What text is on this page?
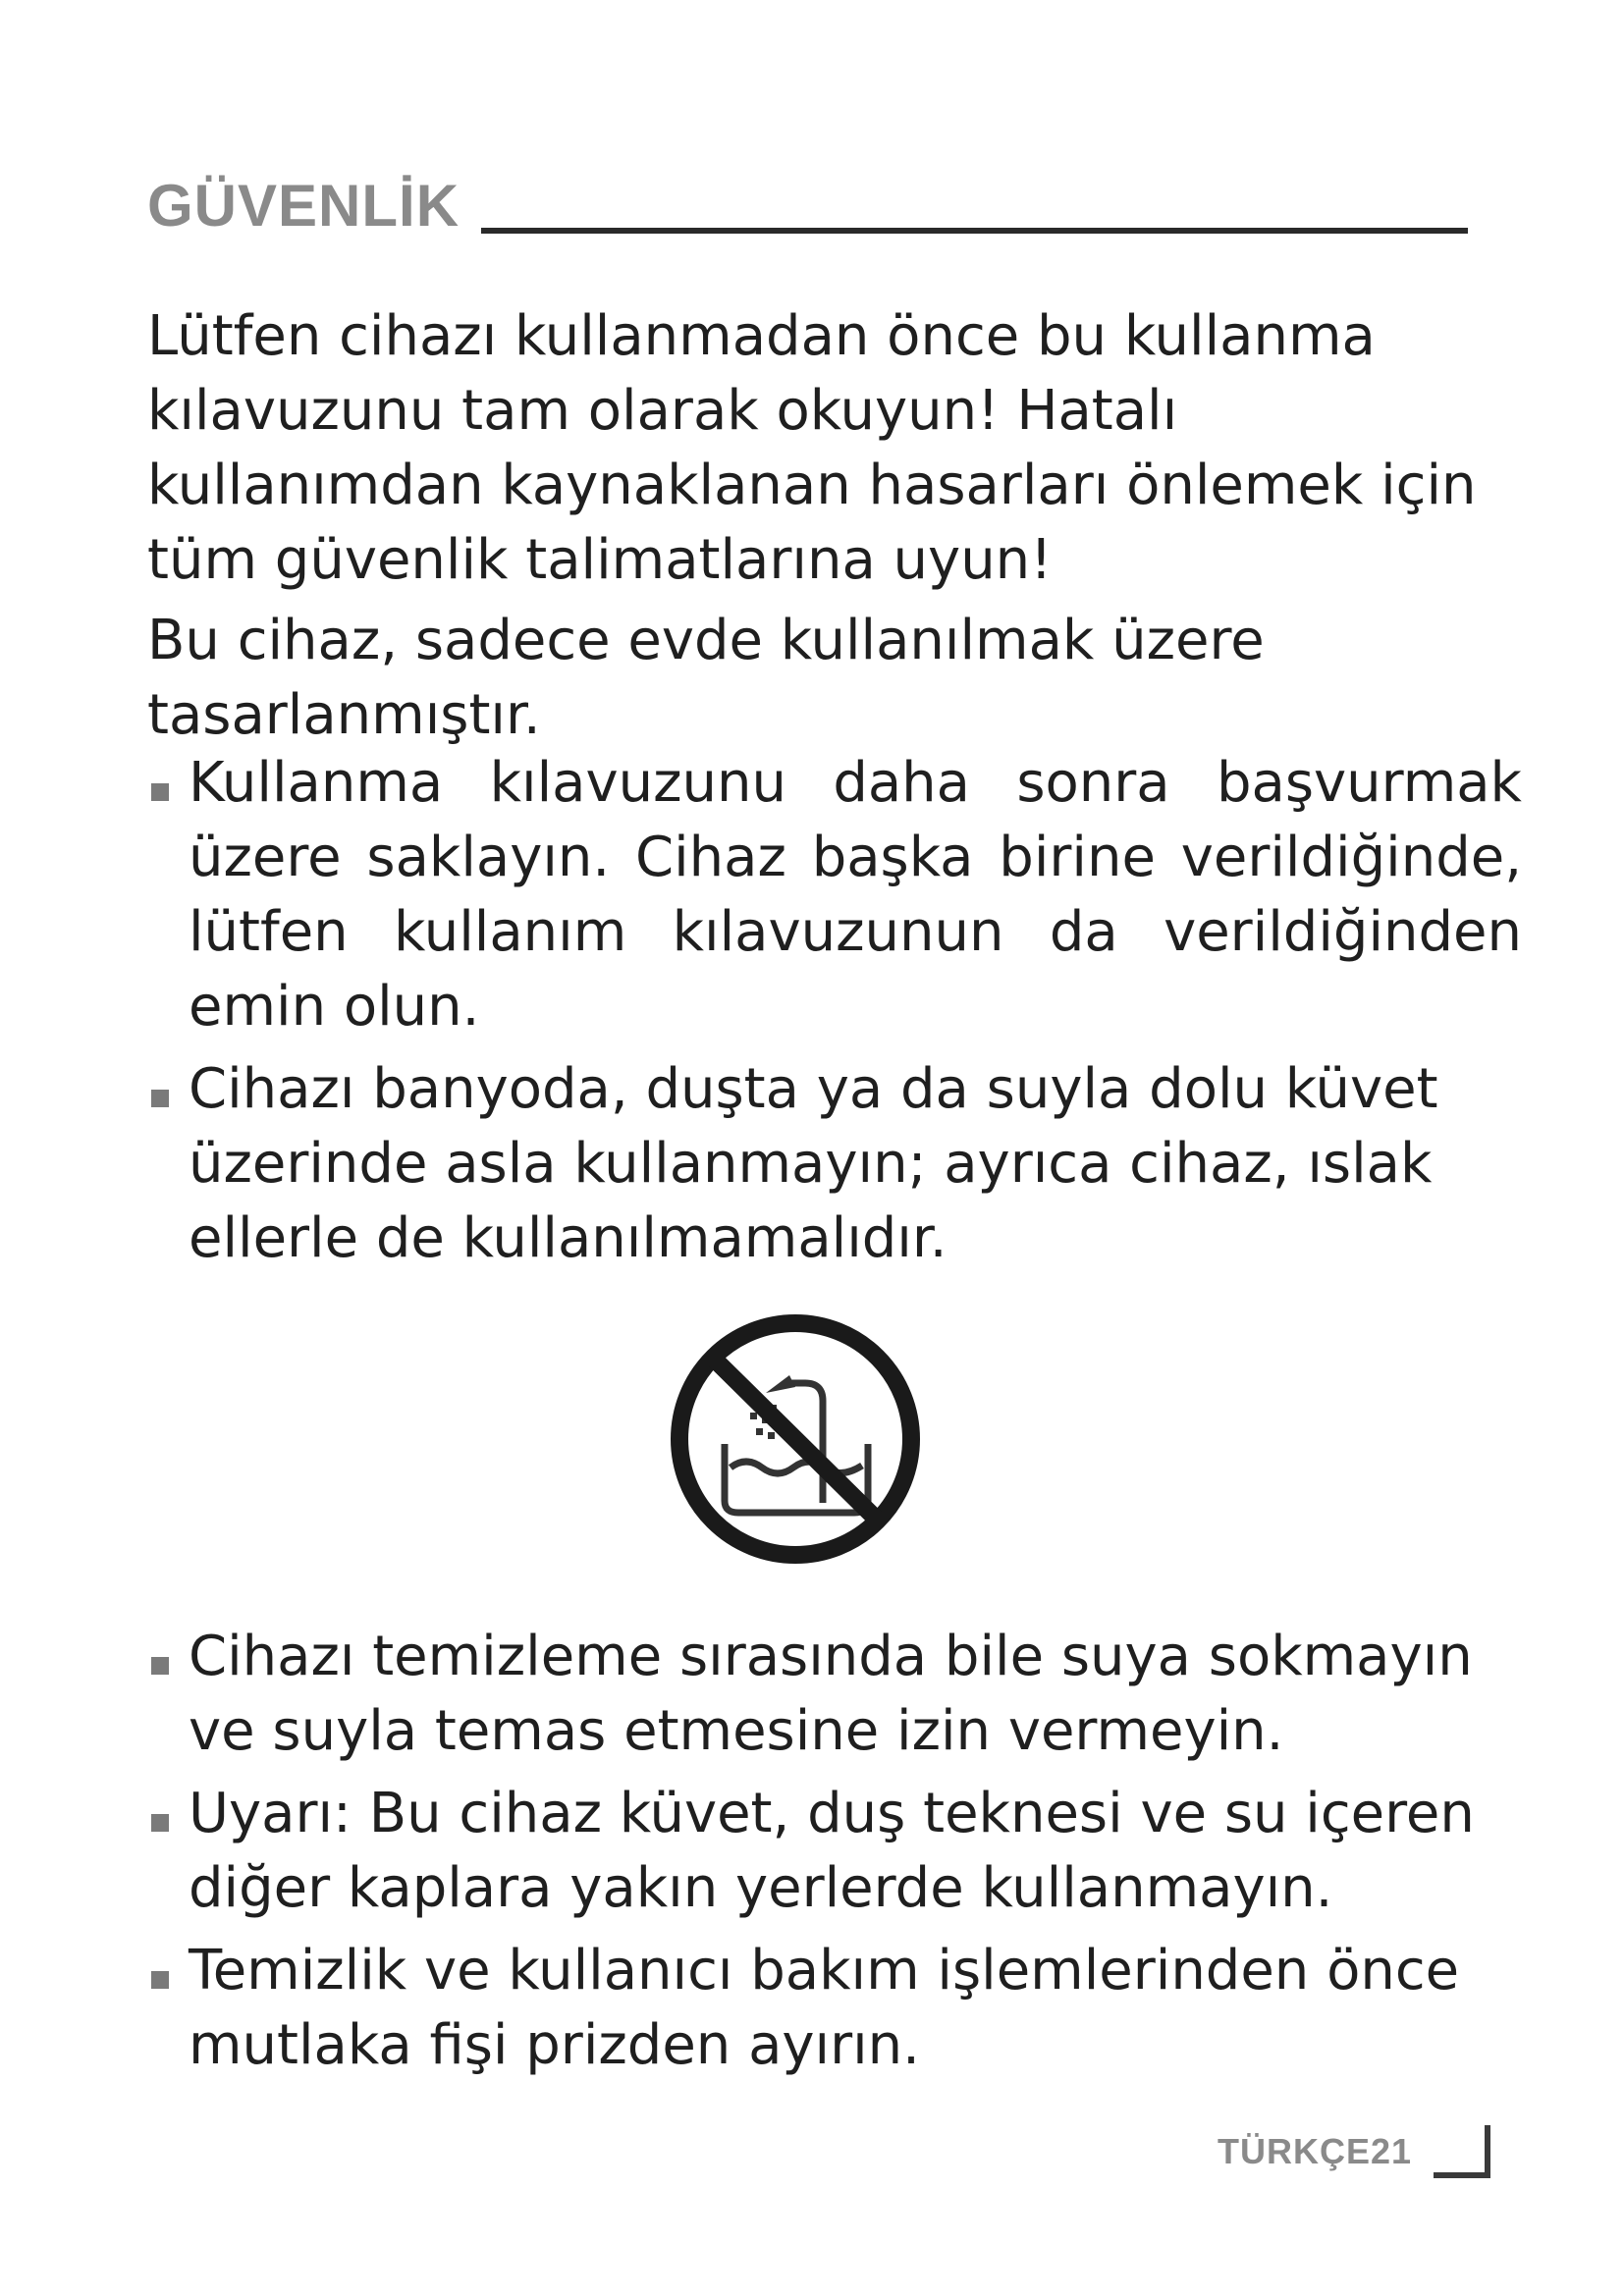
GÜVENLİK

Lütfen cihazı kullanmadan önce bu kullanma kılavuzunu tam olarak okuyun! Hatalı kullanımdan kaynaklanan hasarları önlemek için tüm güvenlik talimatlarına uyun!

Bu cihaz, sadece evde kullanılmak üzere tasarlanmıştır.

Kullanma kılavuzunu daha sonra başvurmak üzere saklayın. Cihaz başka birine verildiğinde, lütfen kullanım kılavuzunun da verildiğinden emin olun.
Cihazı banyoda, duşta ya da suyla dolu küvet üzerinde asla kullanmayın; ayrıca cihaz, ıslak ellerle de kullanılmamalıdır.
Cihazı temizleme sırasında bile suya sokmayın ve suyla temas etmesine izin vermeyin.
Uyarı: Bu cihaz küvet, duş teknesi ve su içeren diğer kaplara yakın yerlerde kullanmayın.
Temizlik ve kullanıcı bakım işlemlerinden önce mutlaka fişi prizden ayırın.
TÜRKÇE21
